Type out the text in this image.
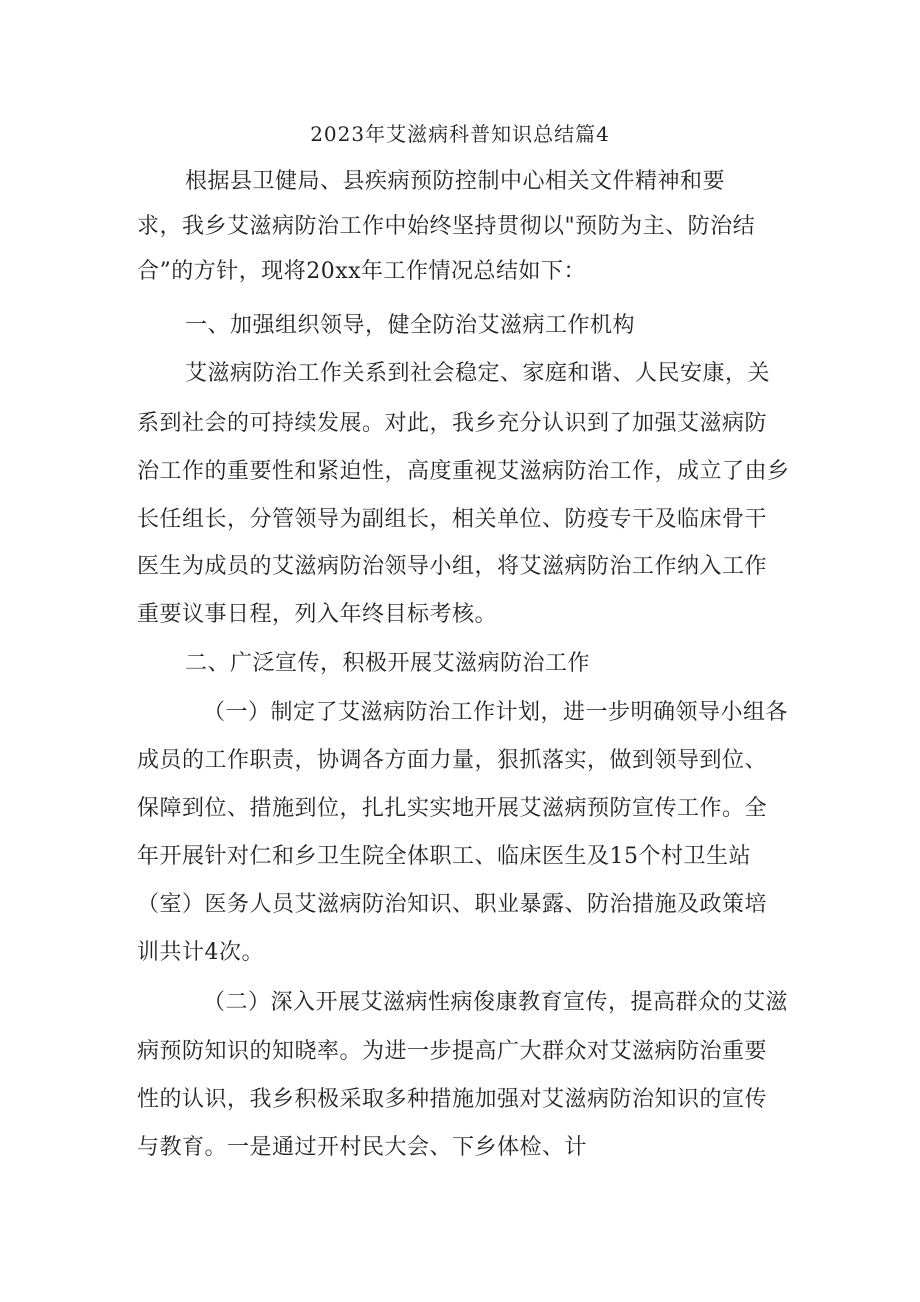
2023年艾滋病科普知识总结篇4
根据县卫健局、县疾病预防控制中心相关文件精神和要
求，我乡艾滋病防治工作中始终坚持贯彻以"预防为主、防治结
合”的方针，现将20xx年工作情况总结如下：
一、加强组织领导，健全防治艾滋病工作机构
艾滋病防治工作关系到社会稳定、家庭和谐、人民安康，关
系到社会的可持续发展。对此，我乡充分认识到了加强艾滋病防
治工作的重要性和紧迫性，高度重视艾滋病防治工作，成立了由乡
长任组长，分管领导为副组长，相关单位、防疫专干及临床骨干
医生为成员的艾滋病防治领导小组，将艾滋病防治工作纳入工作
重要议事日程，列入年终目标考核。
二、广泛宣传，积极开展艾滋病防治工作
（一）制定了艾滋病防治工作计划，进一步明确领导小组各
成员的工作职责，协调各方面力量，狠抓落实，做到领导到位、
保障到位、措施到位，扎扎实实地开展艾滋病预防宣传工作。全
年开展针对仁和乡卫生院全体职工、临床医生及15个村卫生站
（室）医务人员艾滋病防治知识、职业暴露、防治措施及政策培
训共计4次。
（二）深入开展艾滋病性病俊康教育宣传，提高群众的艾滋
病预防知识的知晓率。为进一步提高广大群众对艾滋病防治重要
性的认识，我乡积极采取多种措施加强对艾滋病防治知识的宣传
与教育。一是通过开村民大会、下乡体检、计
